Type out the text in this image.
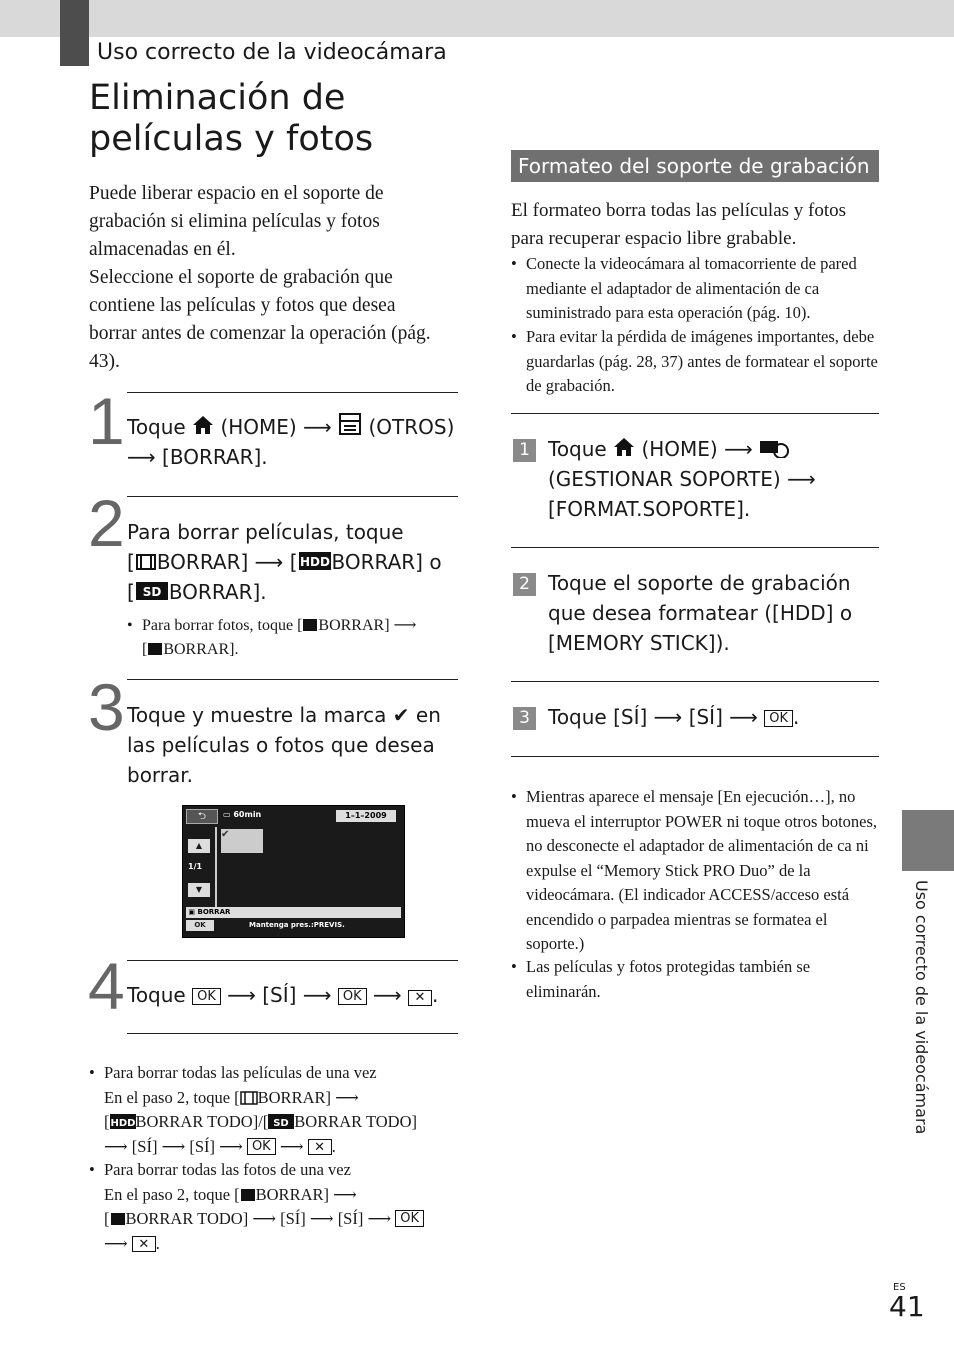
Uso correcto de la videocámara
Eliminación de
películas y fotos
Puede liberar espacio en el soporte de grabación si elimina películas y fotos almacenadas en él.
Seleccione el soporte de grabación que contiene las películas y fotos que desea borrar antes de comenzar la operación (pág. 43).
1 Toque (HOME) ⟶ (OTROS)
⟶ [BORRAR].
2 Para borrar películas, toque
[ BORRAR] ⟶ [ HDD BORRAR] o
[ SD BORRAR].
• Para borrar fotos, toque [ BORRAR] ⟶
[ BORRAR].
3 Toque y muestre la marca ✔ en las películas o fotos que desea borrar.
⮌	▭ 60min	1–1–2009
✔
▲
1/1
▼
▣ BORRAR
OK	Mantenga pres.:PREVIS.
4 Toque OK ⟶ [SÍ] ⟶ OK ⟶ ✕ .
• Para borrar todas las películas de una vez
En el paso 2, toque [ BORRAR] ⟶
[ HDD BORRAR TODO]/[ SD BORRAR TODO]
⟶ [SÍ] ⟶ [SÍ] ⟶ OK ⟶ ✕ .
• Para borrar todas las fotos de una vez
En el paso 2, toque [ BORRAR] ⟶
[ BORRAR TODO] ⟶ [SÍ] ⟶ [SÍ] ⟶ OK
⟶ ✕ .
Formateo del soporte de grabación
El formateo borra todas las películas y fotos para recuperar espacio libre grabable.
• Conecte la videocámara al tomacorriente de pared mediante el adaptador de alimentación de ca suministrado para esta operación (pág. 10).
• Para evitar la pérdida de imágenes importantes, debe guardarlas (pág. 28, 37) antes de formatear el soporte de grabación.
1 Toque (HOME) ⟶
(GESTIONAR SOPORTE) ⟶
[FORMAT.SOPORTE].
2 Toque el soporte de grabación que desea formatear ([HDD] o [MEMORY STICK]).
3 Toque [SÍ] ⟶ [SÍ] ⟶ OK .
• Mientras aparece el mensaje [En ejecución…], no mueva el interruptor POWER ni toque otros botones, no desconecte el adaptador de alimentación de ca ni expulse el “Memory Stick PRO Duo” de la videocámara. (El indicador ACCESS/acceso está encendido o parpadea mientras se formatea el soporte.)
• Las películas y fotos protegidas también se eliminarán.	Uso correcto de la videocámara
ES
41
